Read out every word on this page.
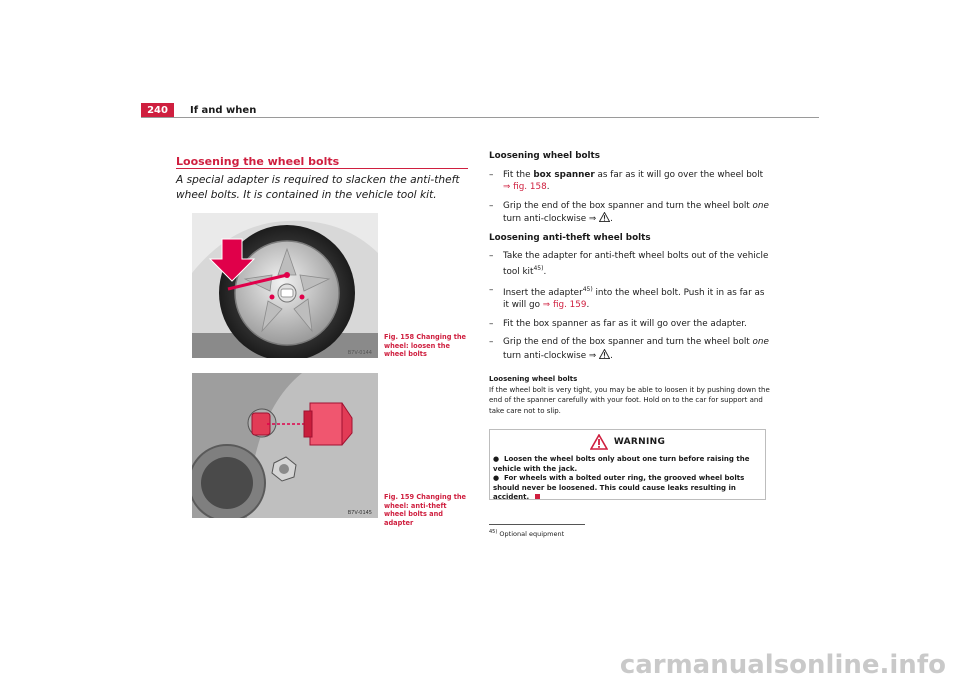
240	If and when
Loosening the wheel bolts
A special adapter is required to slacken the anti-theft wheel bolts. It is contained in the vehicle tool kit.
B7V-0144
Fig. 158 Changing the wheel: loosen the wheel bolts
B7V-0145
Fig. 159 Changing the wheel: anti-theft wheel bolts and adapter

Loosening wheel bolts

– Fit the box spanner as far as it will go over the wheel bolt
⇒ fig. 158.

– Grip the end of the box spanner and turn the wheel bolt one turn anti-clockwise ⇒ .

Loosening anti-theft wheel bolts

– Take the adapter for anti-theft wheel bolts out of the vehicle tool kit$^{45)}$.

– Insert the adapter$^{45)}$ into the wheel bolt. Push it in as far as it will go ⇒ fig. 159.

– Fit the box spanner as far as it will go over the adapter.

– Grip the end of the box spanner and turn the wheel bolt one turn anti-clockwise ⇒ .

Loosening wheel bolts
If the wheel bolt is very tight, you may be able to loosen it by pushing down the end of the spanner carefully with your foot. Hold on to the car for support and take care not to slip.
WARNING
●  Loosen the wheel bolts only about one turn before raising the vehicle with the jack.
●  For wheels with a bolted outer ring, the grooved wheel bolts should never be loosened. This could cause leaks resulting in accident.
$^{45)}$ Optional equipment
carmanualsonline.info
